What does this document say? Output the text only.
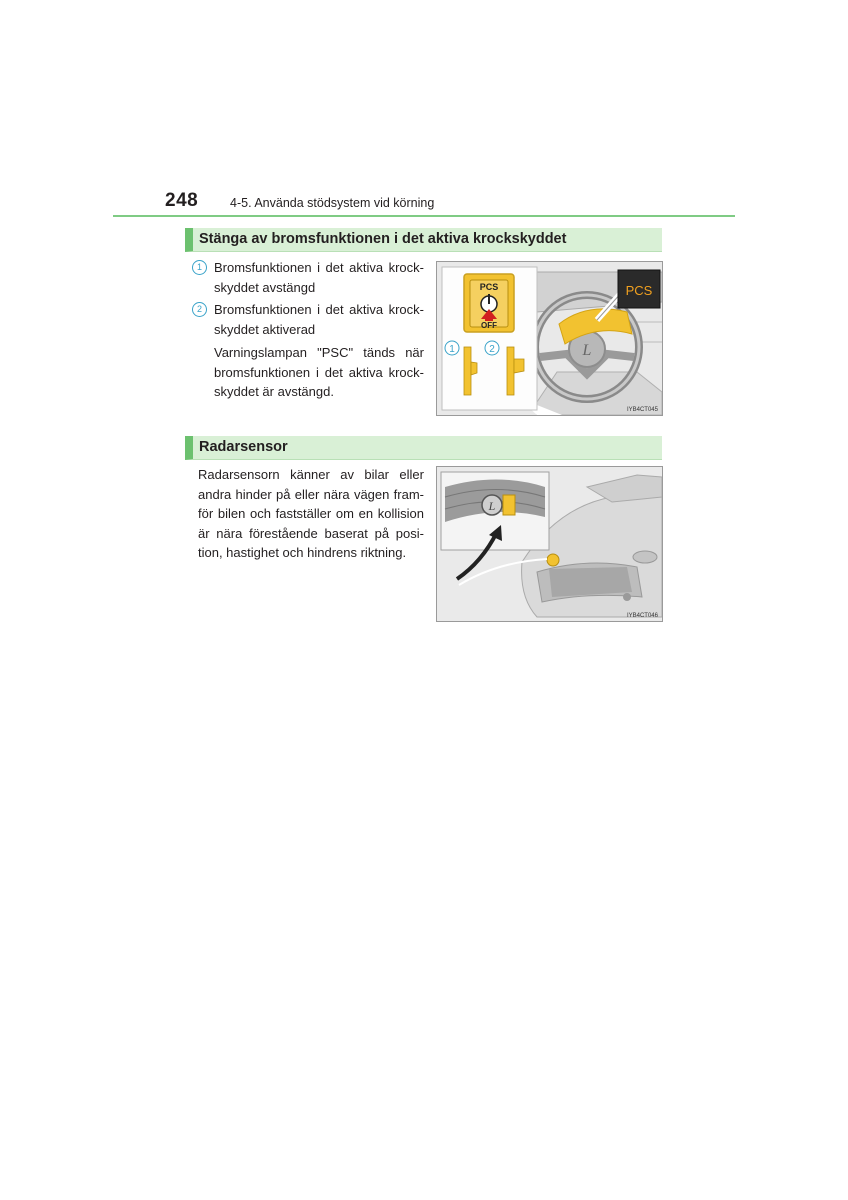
248	4-5. Använda stödsystem vid körning
Stänga av bromsfunktionen i det aktiva krockskyddet
1 Bromsfunktionen i det aktiva krock-skyddet avstängd
2 Bromsfunktionen i det aktiva krock-skyddet aktiverad
Varningslampan "PSC" tänds när bromsfunktionen i det aktiva krock-skyddet är avstängd.
L
PCS
OFF
1	2
PCS
IYB4CT045
Radarsensor
Radarsensorn känner av bilar eller andra hinder på eller nära vägen fram-för bilen och fastställer om en kollision är nära förestående baserat på posi-tion, hastighet och hindrens riktning.
L
IYB4CT046
